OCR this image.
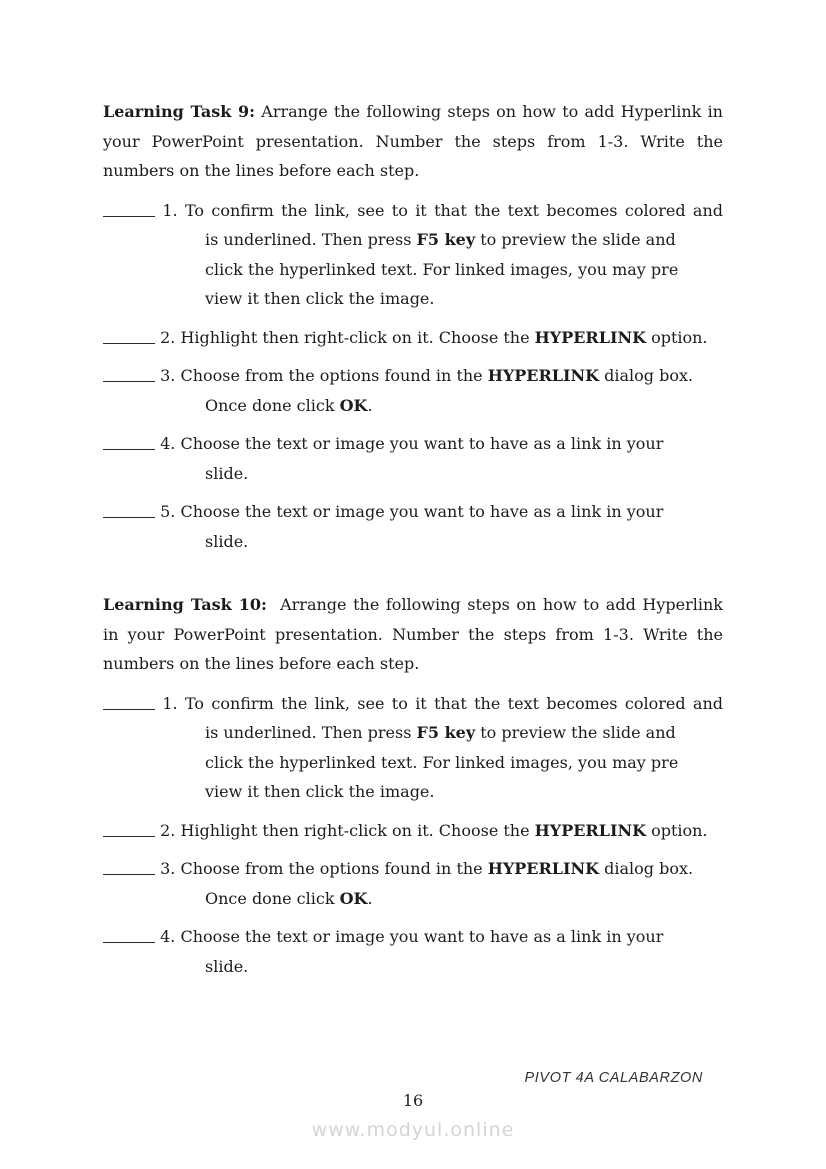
Learning Task 9: Arrange the following steps on how to add Hyperlink in
your PowerPoint presentation. Number the steps from 1-3. Write the
numbers on the lines before each step.
1. To confirm the link, see to it that the text becomes colored and
is underlined. Then press F5 key to preview the slide and
click the hyperlinked text. For linked images, you may pre
view it then click the image.
2. Highlight then right-click on it. Choose the HYPERLINK option.
3. Choose from the options found in the HYPERLINK dialog box.
Once done click OK.
4. Choose the text or image you want to have as a link in your
slide.
5. Choose the text or image you want to have as a link in your
slide.
Learning Task 10:  Arrange the following steps on how to add Hyperlink
in your PowerPoint presentation. Number the steps from 1-3. Write the
numbers on the lines before each step.
1. To confirm the link, see to it that the text becomes colored and
is underlined. Then press F5 key to preview the slide and
click the hyperlinked text. For linked images, you may pre
view it then click the image.
2. Highlight then right-click on it. Choose the HYPERLINK option.
3. Choose from the options found in the HYPERLINK dialog box.
Once done click OK.
4. Choose the text or image you want to have as a link in your
slide.
PIVOT 4A CALABARZON
16
www.modyul.online
